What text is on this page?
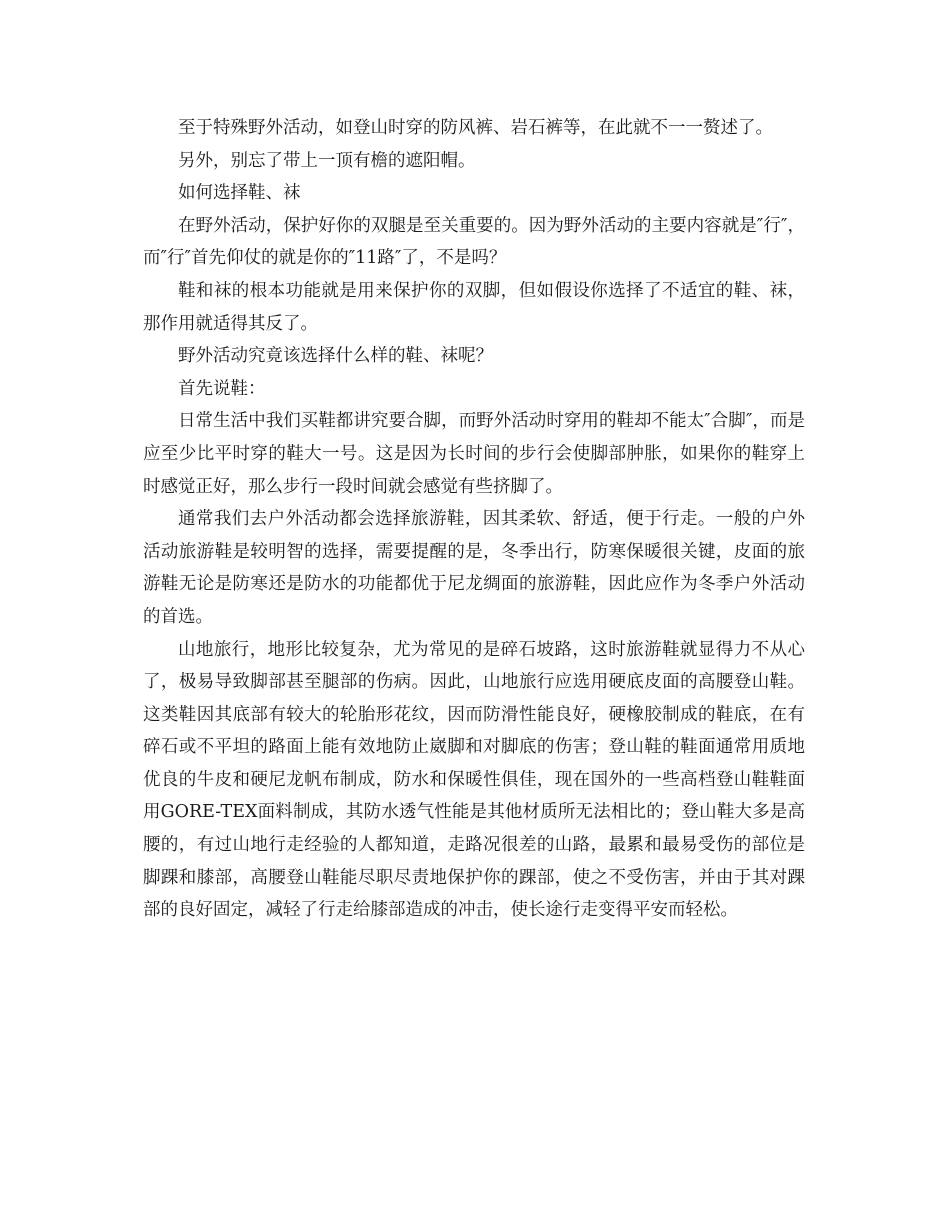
至于特殊野外活动，如登山时穿的防风裤、岩石裤等，在此就不一一赘述了。

另外，别忘了带上一顶有檐的遮阳帽。

如何选择鞋、袜

在野外活动，保护好你的双腿是至关重要的。因为野外活动的主要内容就是″行″，而″行″首先仰仗的就是你的″11路″了，不是吗？

鞋和袜的根本功能就是用来保护你的双脚，但如假设你选择了不适宜的鞋、袜，那作用就适得其反了。

野外活动究竟该选择什么样的鞋、袜呢？

首先说鞋：

日常生活中我们买鞋都讲究要合脚，而野外活动时穿用的鞋却不能太″合脚″，而是应至少比平时穿的鞋大一号。这是因为长时间的步行会使脚部肿胀，如果你的鞋穿上时感觉正好，那么步行一段时间就会感觉有些挤脚了。

通常我们去户外活动都会选择旅游鞋，因其柔软、舒适，便于行走。一般的户外活动旅游鞋是较明智的选择，需要提醒的是，冬季出行，防寒保暖很关键，皮面的旅游鞋无论是防寒还是防水的功能都优于尼龙绸面的旅游鞋，因此应作为冬季户外活动的首选。

山地旅行，地形比较复杂，尤为常见的是碎石坡路，这时旅游鞋就显得力不从心了，极易导致脚部甚至腿部的伤病。因此，山地旅行应选用硬底皮面的高腰登山鞋。这类鞋因其底部有较大的轮胎形花纹，因而防滑性能良好，硬橡胶制成的鞋底，在有碎石或不平坦的路面上能有效地防止崴脚和对脚底的伤害；登山鞋的鞋面通常用质地优良的牛皮和硬尼龙帆布制成，防水和保暖性俱佳，现在国外的一些高档登山鞋鞋面用GORE-TEX面料制成，其防水透气性能是其他材质所无法相比的；登山鞋大多是高腰的，有过山地行走经验的人都知道，走路况很差的山路，最累和最易受伤的部位是脚踝和膝部，高腰登山鞋能尽职尽责地保护你的踝部，使之不受伤害，并由于其对踝部的良好固定，减轻了行走给膝部造成的冲击，使长途行走变得平安而轻松。
